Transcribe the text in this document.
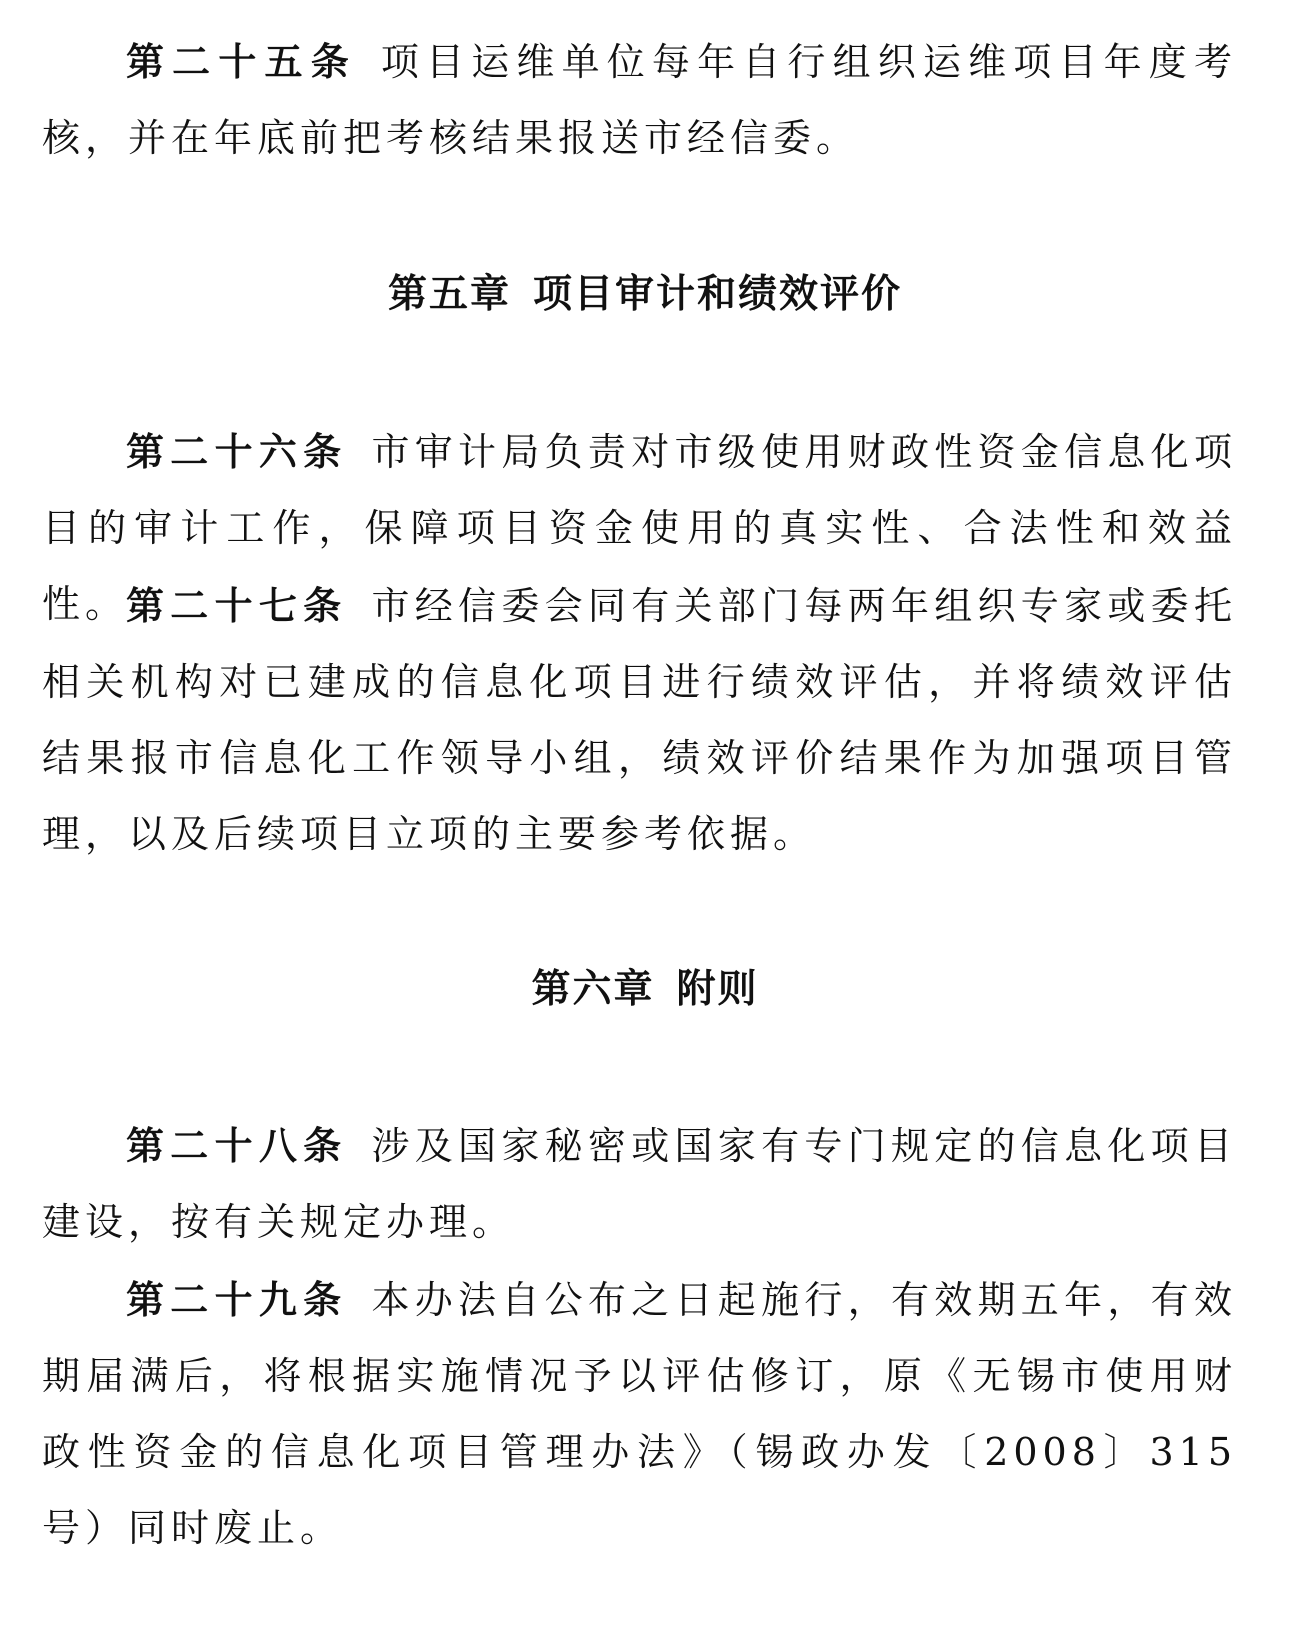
第二十五条 项目运维单位每年自行组织运维项目年度考核，并在年底前把考核结果报送市经信委。

第五章 项目审计和绩效评价

第二十六条 市审计局负责对市级使用财政性资金信息化项目的审计工作，保障项目资金使用的真实性、合法性和效益性。

第二十七条 市经信委会同有关部门每两年组织专家或委托相关机构对已建成的信息化项目进行绩效评估，并将绩效评估结果报市信息化工作领导小组，绩效评价结果作为加强项目管理，以及后续项目立项的主要参考依据。

第六章 附则

第二十八条 涉及国家秘密或国家有专门规定的信息化项目建设，按有关规定办理。

第二十九条 本办法自公布之日起施行，有效期五年，有效期届满后，将根据实施情况予以评估修订，原《无锡市使用财政性资金的信息化项目管理办法》（锡政办发〔2008〕315号）同时废止。
